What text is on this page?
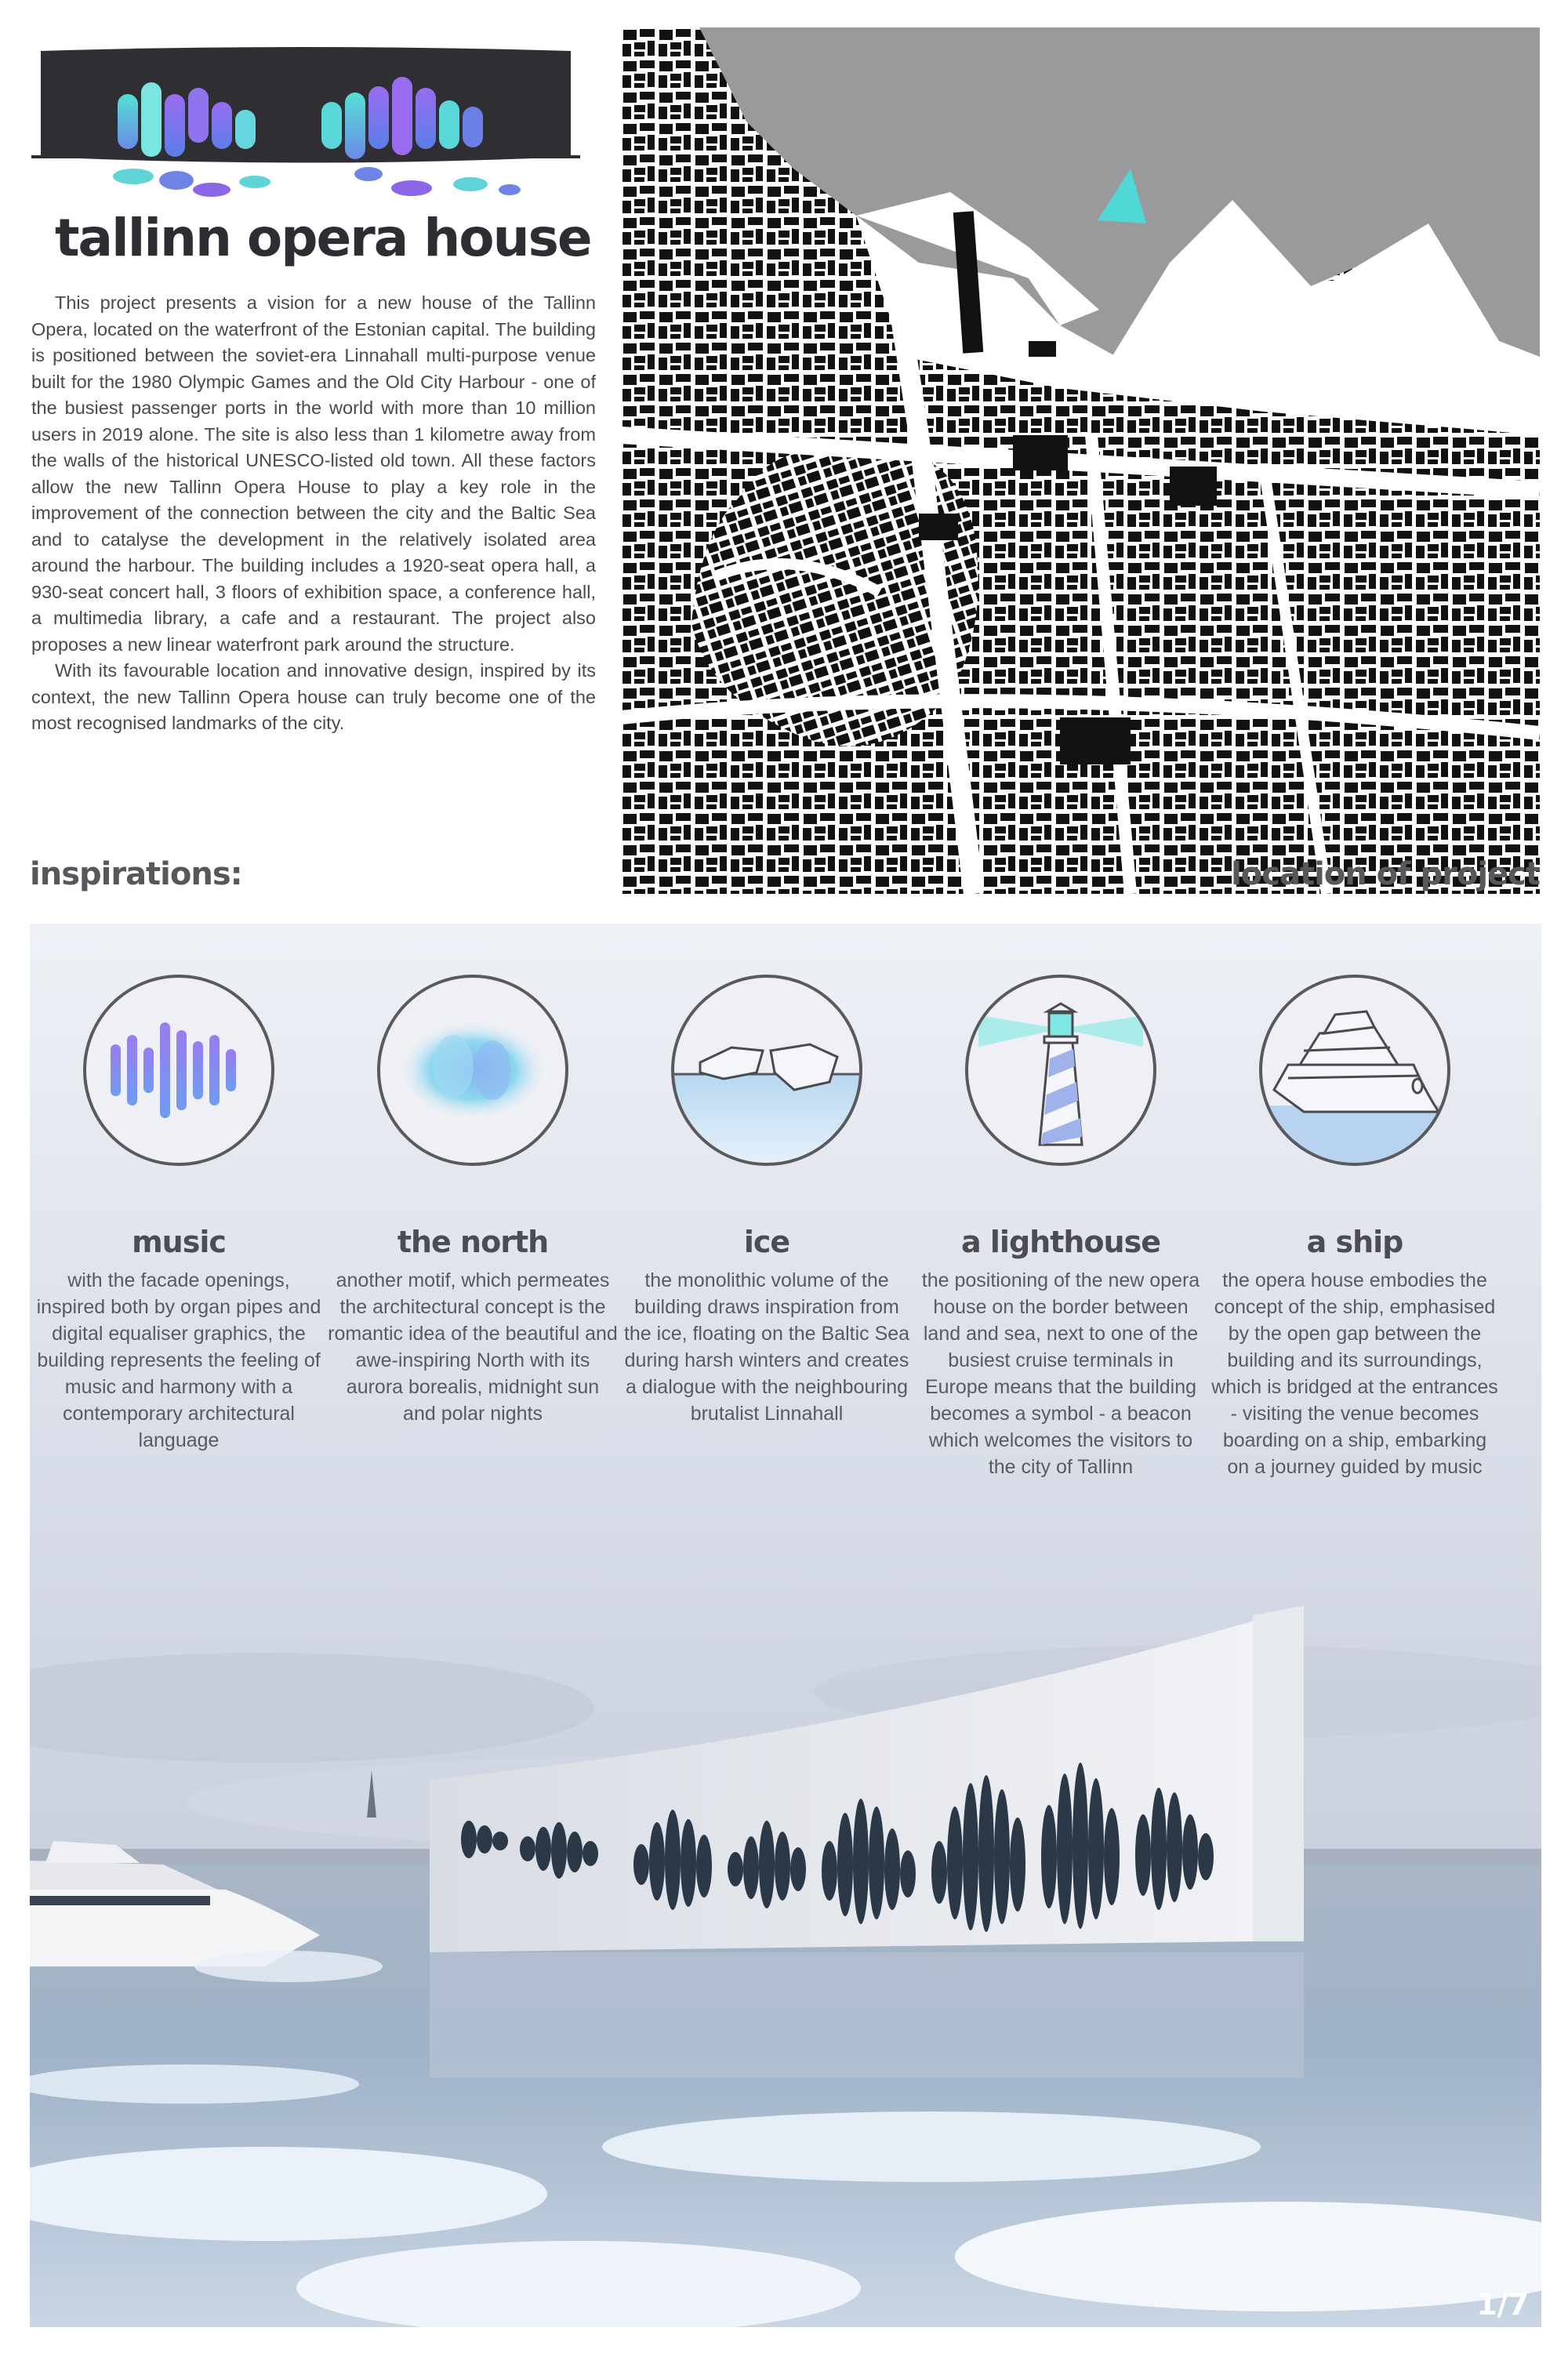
tallinn opera house

This project presents a vision for a new house of the Tallinn Opera, located on the waterfront of the Estonian capital. The building is positioned between the soviet-era Linnahall multi-purpose venue built for the 1980 Olympic Games and the Old City Harbour - one of the busiest passenger ports in the world with more than 10 million users in 2019 alone. The site is also less than 1 kilometre away from the walls of the historical UNESCO-listed old town. All these factors allow the new Tallinn Opera House to play a key role in the improvement of the connection between the city and the Baltic Sea and to catalyse the development in the relatively isolated area around the harbour. The building includes a 1920-seat opera hall, a 930-seat concert hall, 3 floors of exhibition space, a conference hall, a multimedia library, a cafe and a restaurant. The project also proposes a new linear waterfront park around the structure.

With its favourable location and innovative design, inspired by its context, the new Tallinn Opera house can truly become one of the most recognised landmarks of the city.

inspirations:	location of project
music

with the facade openings, inspired both by organ pipes and digital equaliser graphics, the building represents the feeling of music and harmony with a contemporary architectural language

the north

another motif, which permeates the architectural concept is the romantic idea of the beautiful and awe-inspiring North with its aurora borealis, midnight sun and polar nights

ice

the monolithic volume of the building draws inspiration from the ice, floating on the Baltic Sea during harsh winters and creates a dialogue with the neighbouring brutalist Linnahall

a lighthouse

the positioning of the new opera house on the border between land and sea, next to one of the busiest cruise terminals in Europe means that the building becomes a symbol - a beacon which welcomes the visitors to the city of Tallinn

a ship

the opera house embodies the concept of the ship, emphasised by the open gap between the building and its surroundings, which is bridged at the entrances - visiting the venue becomes boarding on a ship, embarking on a journey guided by music

1/7
